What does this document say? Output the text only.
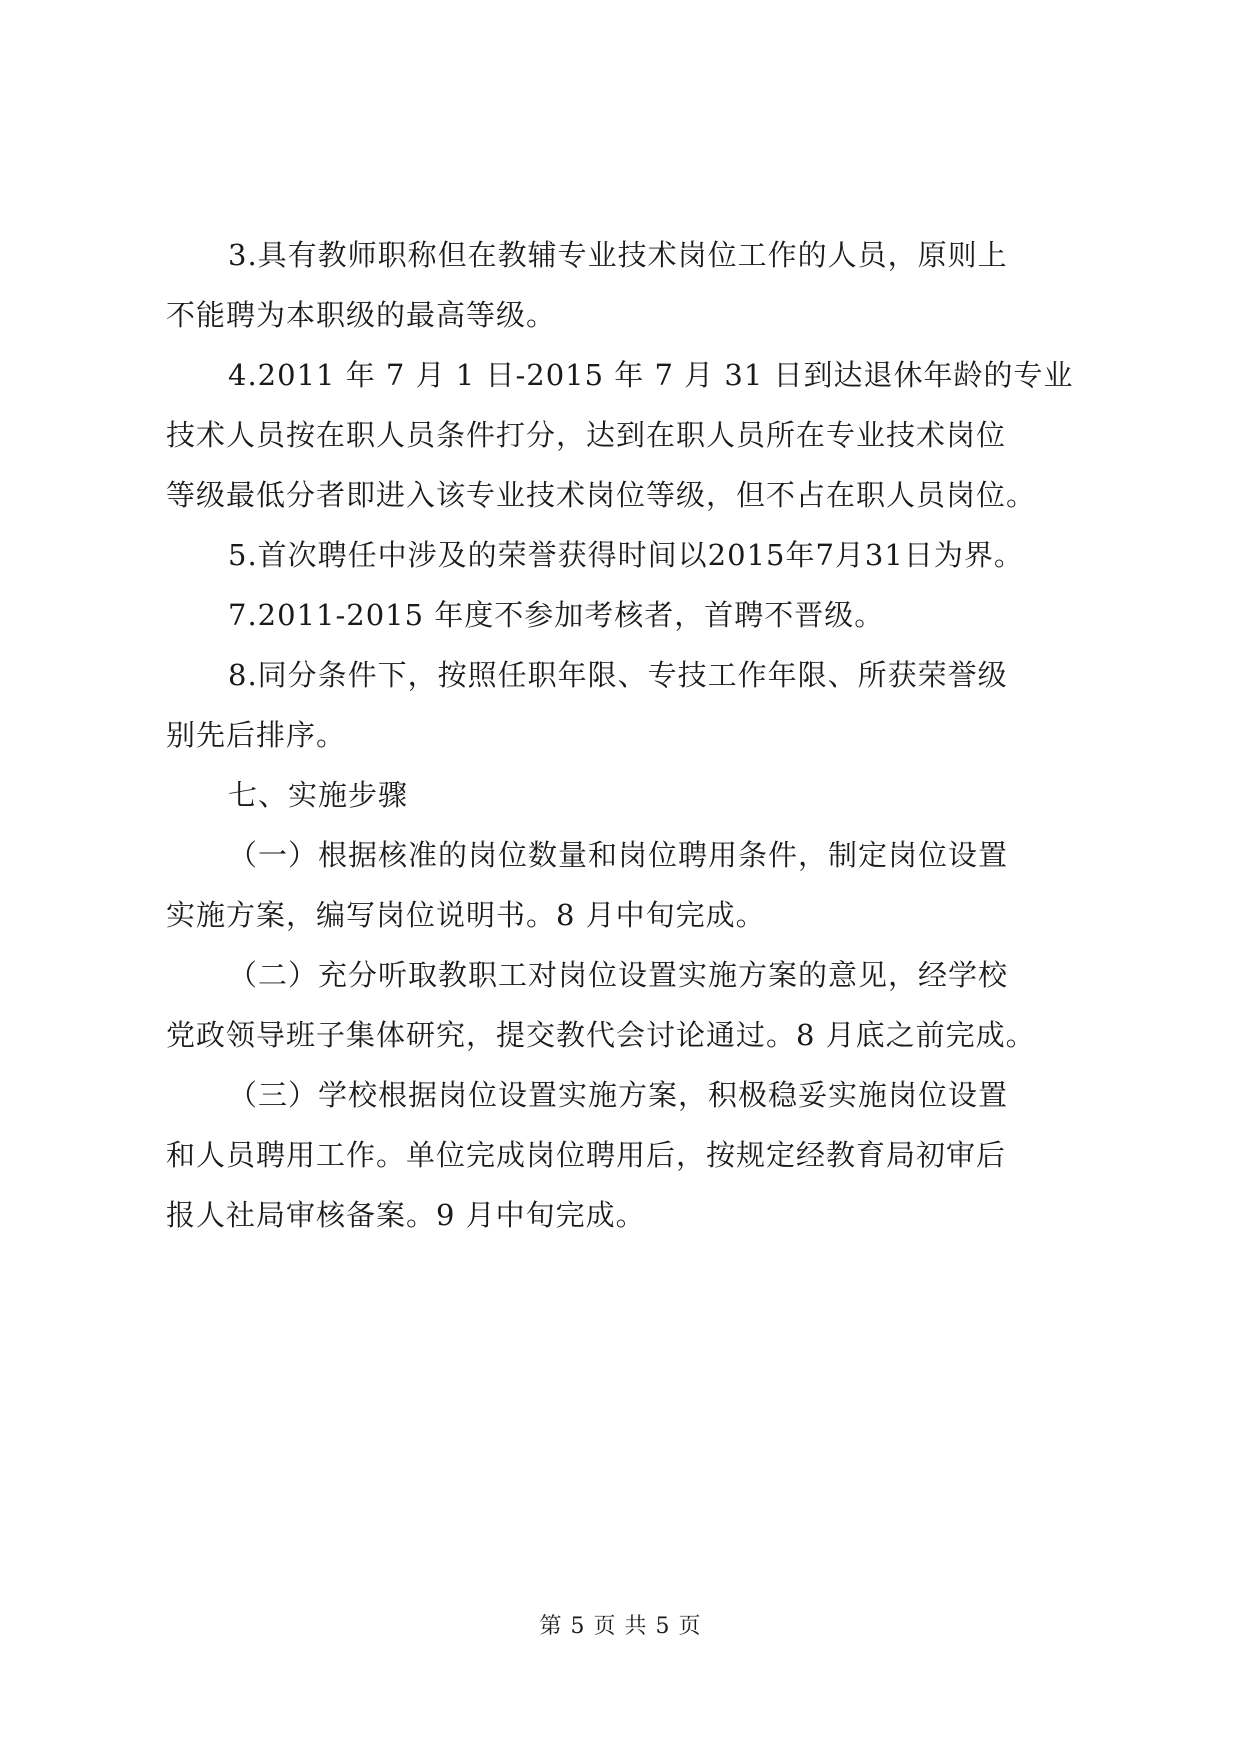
3.具有教师职称但在教辅专业技术岗位工作的人员，原则上
不能聘为本职级的最高等级。

4.2011 年 7 月 1 日-2015 年 7 月 31 日到达退休年龄的专业
技术人员按在职人员条件打分，达到在职人员所在专业技术岗位
等级最低分者即进入该专业技术岗位等级，但不占在职人员岗位。

5.首次聘任中涉及的荣誉获得时间以2015年7月31日为界。

7.2011-2015 年度不参加考核者，首聘不晋级。

8.同分条件下，按照任职年限、专技工作年限、所获荣誉级
别先后排序。

七、实施步骤

（一）根据核准的岗位数量和岗位聘用条件，制定岗位设置
实施方案，编写岗位说明书。8 月中旬完成。

（二）充分听取教职工对岗位设置实施方案的意见，经学校
党政领导班子集体研究，提交教代会讨论通过。8 月底之前完成。

（三）学校根据岗位设置实施方案，积极稳妥实施岗位设置
和人员聘用工作。单位完成岗位聘用后，按规定经教育局初审后
报人社局审核备案。9 月中旬完成。

第 5 页 共 5 页
